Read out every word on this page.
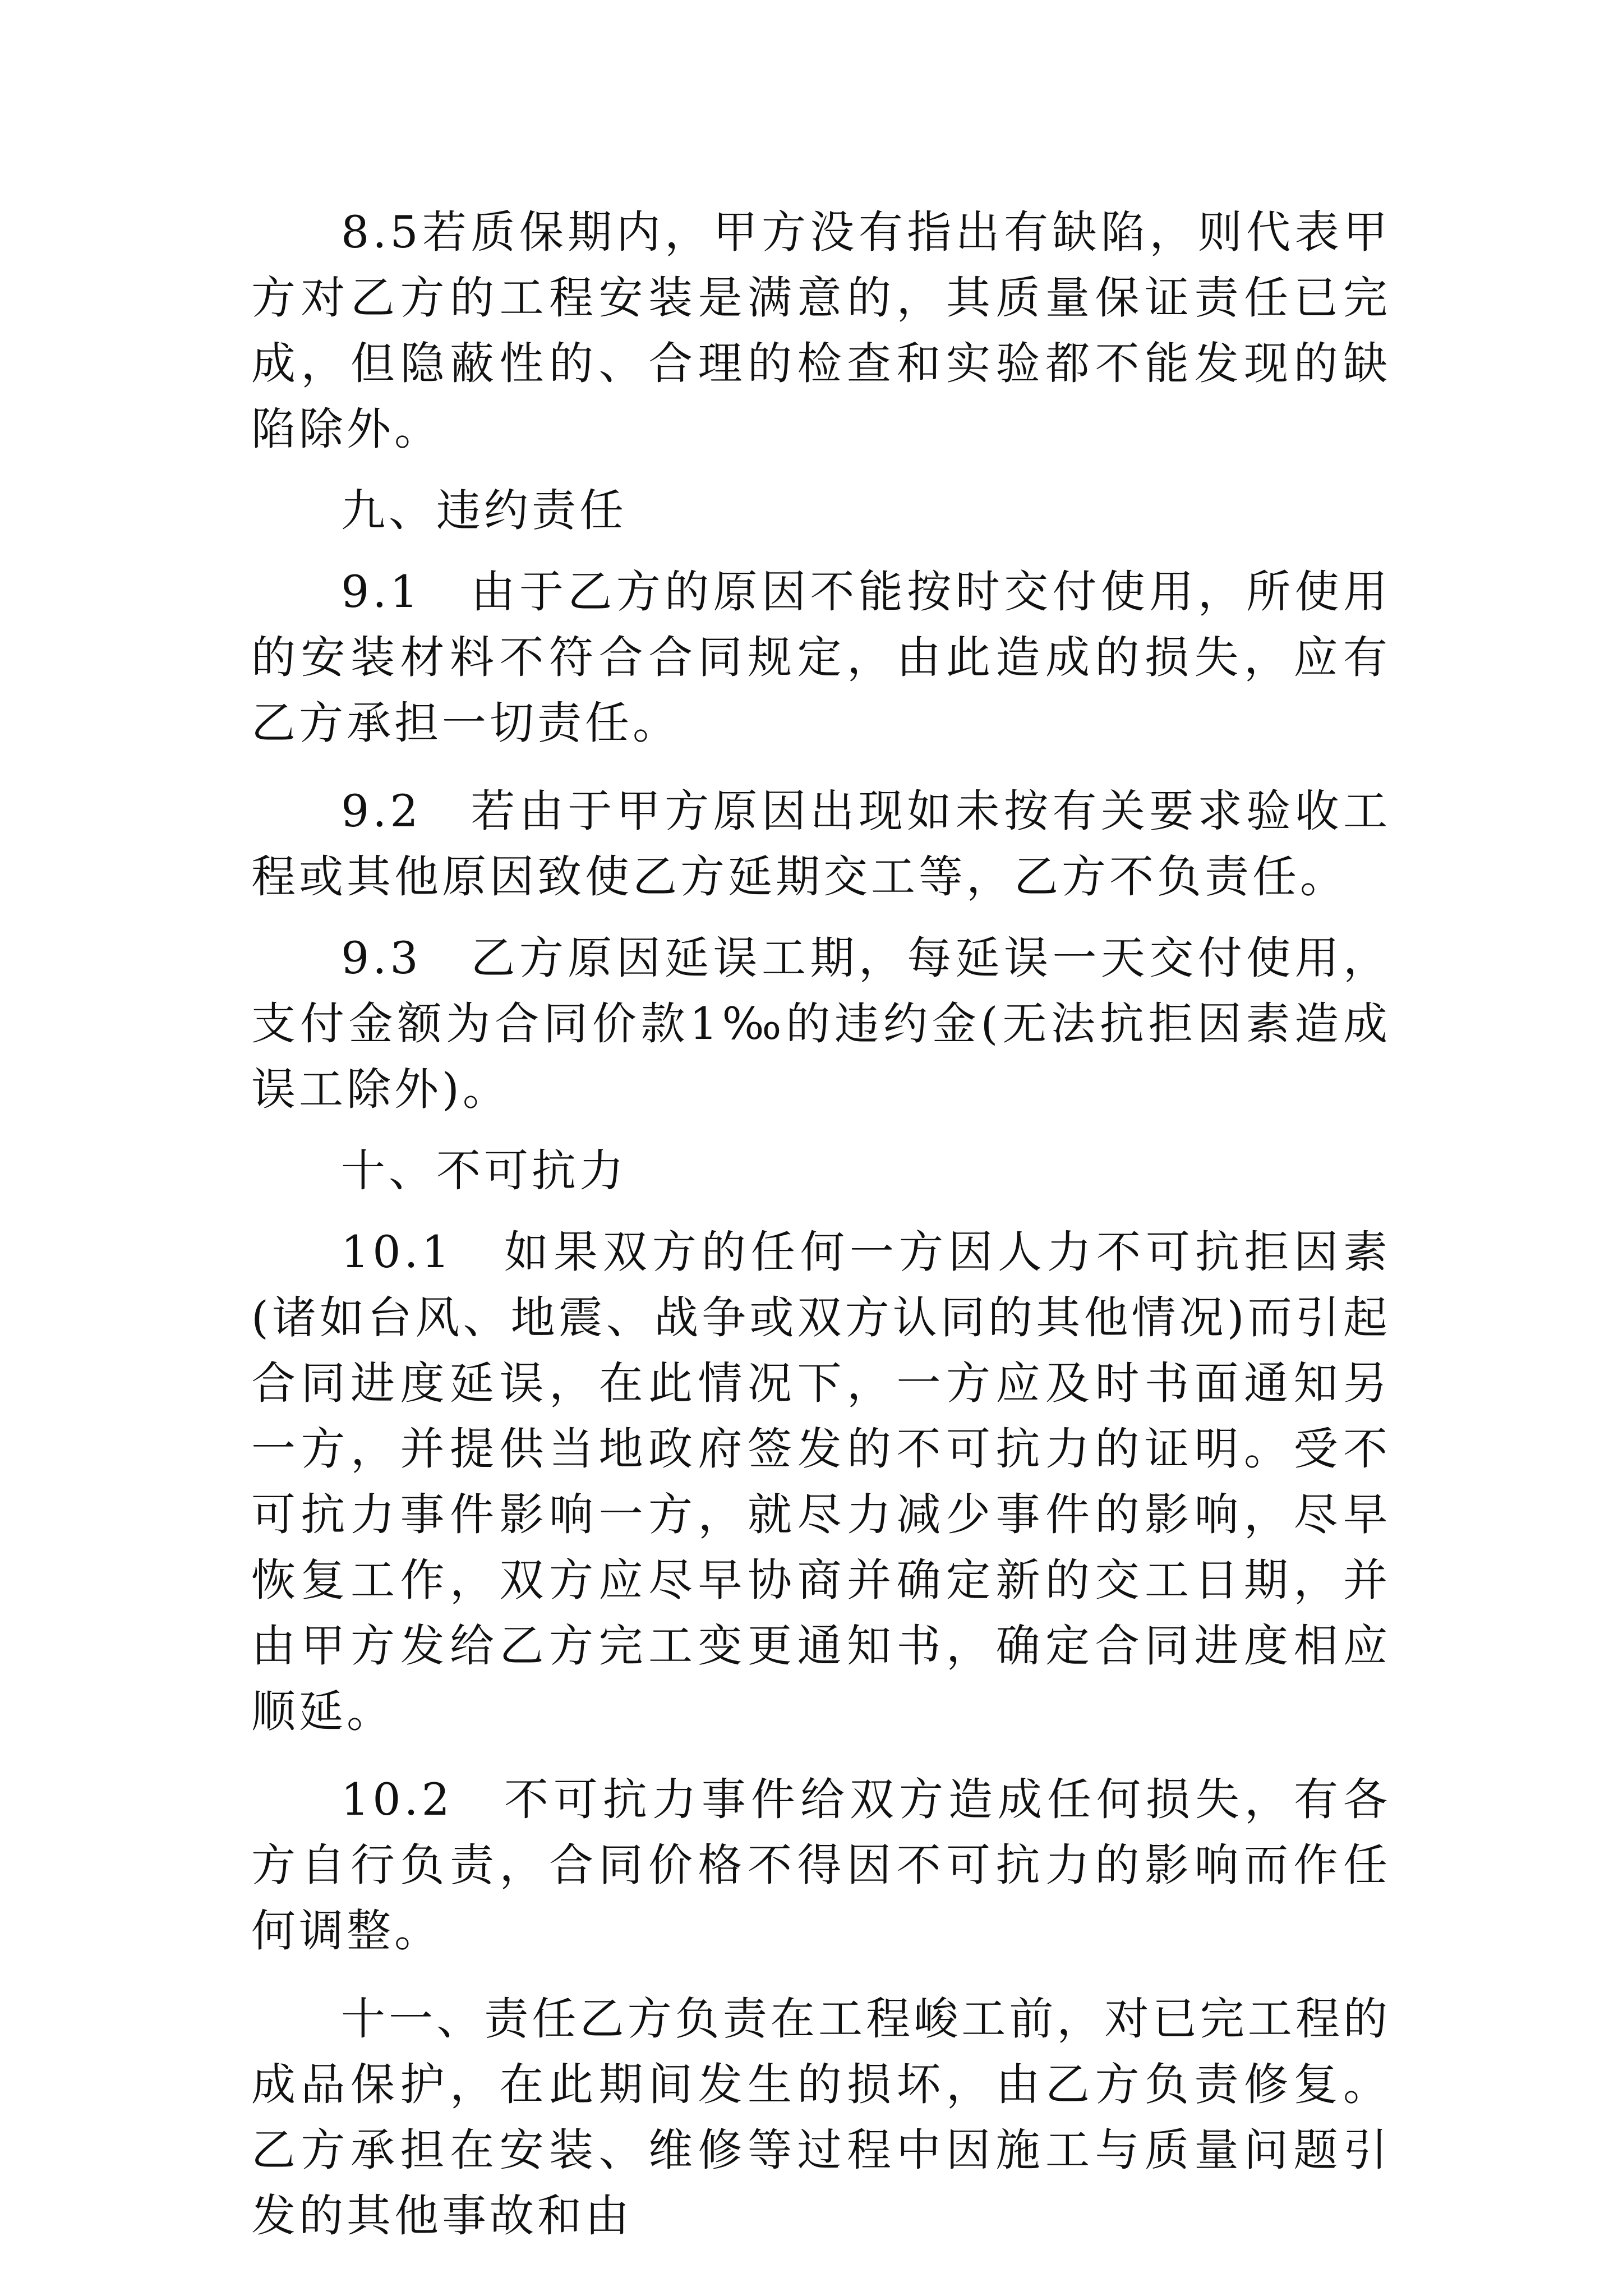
8.5若质保期内，甲方没有指出有缺陷，则代表甲方对乙方的工程安装是满意的，其质量保证责任已完成，但隐蔽性的、合理的检查和实验都不能发现的缺陷除外。

九、违约责任

9.1　由于乙方的原因不能按时交付使用，所使用的安装材料不符合合同规定，由此造成的损失，应有乙方承担一切责任。

9.2　若由于甲方原因出现如未按有关要求验收工程或其他原因致使乙方延期交工等，乙方不负责任。

9.3　乙方原因延误工期，每延误一天交付使用，支付金额为合同价款1‰的违约金(无法抗拒因素造成误工除外)。

十、不可抗力

10.1　如果双方的任何一方因人力不可抗拒因素(诸如台风、地震、战争或双方认同的其他情况)而引起合同进度延误，在此情况下，一方应及时书面通知另一方，并提供当地政府签发的不可抗力的证明。受不可抗力事件影响一方，就尽力减少事件的影响，尽早恢复工作，双方应尽早协商并确定新的交工日期，并由甲方发给乙方完工变更通知书，确定合同进度相应顺延。

10.2　不可抗力事件给双方造成任何损失，有各方自行负责，合同价格不得因不可抗力的影响而作任何调整。

十一、责任乙方负责在工程峻工前，对已完工程的成品保护，在此期间发生的损坏，由乙方负责修复。乙方承担在安装、维修等过程中因施工与质量问题引发的其他事故和由
